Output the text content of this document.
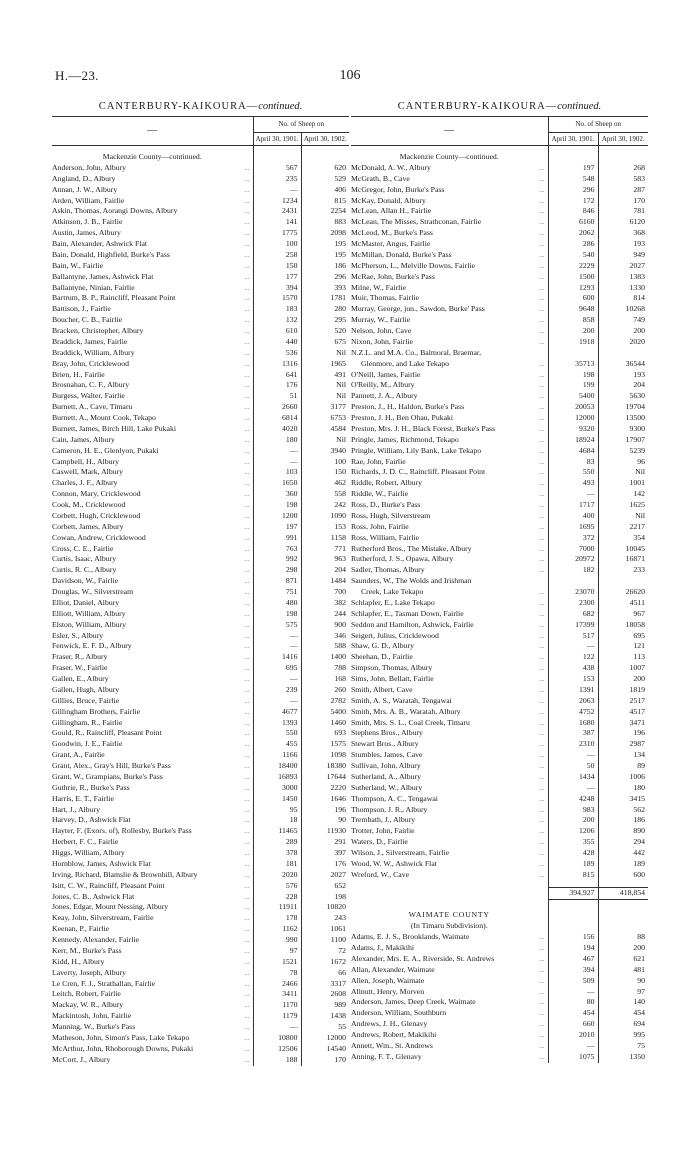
H.—23.	106
CANTERBURY-KAIKOURA—continued.
—		No. of Sheep on	
		April 30, 1901.	April 30, 1902.

Mackenzie County—continued.			
Anderson, John, Albury	...	567	620
Angland, D., Albury	...	235	529
Annan, J. W., Albury	...	—	406
Arden, William, Fairlie	...	1234	815
Askin, Thomas, Aorangi Downs, Albury	...	2431	2254
Atkinson, J. B., Fairlie	...	141	883
Austin, James, Albury	...	1775	2098
Bain, Alexander, Ashwick Flat	...	100	195
Bain, Donald, Highfield, Burke's Pass	...	258	195
Bain, W., Fairlie	...	150	186
Ballantyne, James, Ashwick Flat	...	177	296
Ballantyne, Ninian, Fairlie	...	394	393
Bartrum, B. P., Raincliff, Pleasant Point	...	1570	1781
Battison, J., Fairlie	...	183	280
Boucher, C. B., Fairlie	...	132	295
Bracken, Christopher, Albury	...	610	520
Braddick, James, Fairlie	...	440	675
Braddick, William, Albury	...	536	Nil
Bray, John, Cricklewood	...	1316	1965
Brien, H., Fairlie	...	641	491
Brosnahan, C. F., Albury	...	176	Nil
Burgess, Walter, Fairlie	...	51	Nil
Burnett, A., Cave, Timaru	...	2660	3177
Burnett, A., Mount Cook, Tekapo	...	6814	6753
Burnett, James, Birch Hill, Lake Pukaki	...	4020	4584
Cain, James, Albury	...	180	Nil
Cameron, H. E., Glenlyon, Pukaki	...	—	3940
Campbell, H., Albury	...	—	100
Caswell, Mark, Albury	...	103	150
Charles, J. F., Albury	...	1650	462
Connon, Mary, Cricklewood	...	360	558
Cook, M., Cricklewood	...	198	242
Corbett, Hugh, Cricklewood	...	1200	1090
Corbett, James, Albury	...	197	153
Cowan, Andrew, Cricklewood	...	991	1158
Cross, C. E., Fairlie	...	763	771
Curtis, Isaac, Albury	...	992	963
Curtis, R. C., Albury	...	298	204
Davidson, W., Fairlie	...	871	1484
Douglas, W., Silverstream	...	751	700
Elliot, Daniel, Albury	...	480	382
Elliott, William, Albury	...	198	244
Elston, William, Albury	...	575	900
Esler, S., Albury	...	—	346
Fenwick, E. F. D., Albury	...	—	588
Fraser, R., Albury	...	1416	1400
Fraser, W., Fairlie	...	695	788
Gallen, E., Albury	...	—	168
Gallen, Hugh, Albury	...	239	260
Gillies, Bruce, Fairlie	...	—	2782
Gillingham Brothers, Fairlie	...	4677	5400
Gillingham, R., Fairlie	...	1393	1460
Gould, R., Raincliff, Pleasant Point	...	550	693
Goodwin, J. E., Fairlie	...	455	1575
Grant, A., Fairlie	...	1166	1098
Grant, Alex., Gray's Hill, Burke's Pass	...	18400	18380
Grant, W., Grampians, Burke's Pass	...	16893	17644
Guthrie, R., Burke's Pass	...	3000	2220
Harris, E. T., Fairlie	...	1450	1646
Hart, J., Albury	...	95	196
Harvey, D., Ashwick Flat	...	18	90
Hayter, F. (Exors. of), Rollesby, Burke's Pass	...	11465	11930
Herbert, F. C., Fairlie	...	289	291
Higgs, William, Albury	...	378	397
Hornblow, James, Ashwick Flat	...	181	176
Irving, Richard, Blamslie & Brownhill, Albury	...	2020	2027
Isitt, C. W., Raincliff, Pleasant Point	...	576	652
Jones, C. B., Ashwick Flat	...	228	198
Jones, Edgar, Mount Nessing, Albury	...	11911	10820
Keay, John, Silverstream, Fairlie	...	178	243
Keenan, P., Fairlie	...	1162	1061
Kennedy, Alexander, Fairlie	...	990	1100
Kerr, M., Burke's Pass	...	97	72
Kidd, H., Albury	...	1521	1672
Laverty, Joseph, Albury	...	78	66
Le Cren, F. J., Strathallan, Fairlie	...	2466	3317
Leitch, Robert, Fairlie	...	3411	2608
Mackay, W. R., Albury	...	1170	989
Mackintosh, John, Fairlie	...	1179	1438
Manning, W., Burke's Pass	...	—	55
Matheson, John, Simon's Pass, Lake Tekapo	...	10800	12000
McArthur, John, Rhoborough Downs, Pukaki	...	12506	14540
McCort, J., Albury	...	188	170
CANTERBURY-KAIKOURA—continued.
—		No. of Sheep on	
		April 30, 1901.	April 30, 1902.

Mackenzie County—continued.			
McDonald, A. W., Albury	...	197	268
McGrath, B., Cave	...	548	583
McGregor, John, Burke's Pass	...	296	287
McKay, Donald, Albury	...	172	170
McLean, Allan H., Fairlie	...	846	781
McLean, The Misses, Strathconan, Fairlie	...	6160	6120
McLeod, M., Burke's Pass	...	2062	368
McMaster, Angus, Fairlie	...	286	193
McMillan, Donald, Burke's Pass	...	540	949
McPherson, L., Melville Downs, Fairlie	...	2229	2027
McRae, John, Burke's Pass	...	1500	1383
Milne, W., Fairlie	...	1293	1330
Muir, Thomas, Fairlie	...	600	814
Murray, George, jun., Sawdon, Burke' Pass	...	9648	10268
Murray, W., Fairlie	...	858	749
Nelson, John, Cave	...	200	200
Nixon, John, Fairlie	...	1918	2020
N.Z.L. and M.A. Co., Balmoral, Braemar,			
Glenmore, and Lake Tekapo	...	35713	36544
O'Neill, James, Fairlie	...	198	193
O'Reilly, M., Albury	...	199	204
Pannett, J. A., Albury	...	5400	5630
Preston, J., H., Haldon, Burke's Pass	...	20053	19704
Preston, J. H., Ben Ohau, Pukaki	...	12000	13500
Preston, Mrs. J. H., Black Forest, Burke's Pass	...	9320	9300
Pringle, James, Richmond, Tekapo	...	18924	17907
Pringle, William, Lily Bank, Lake Tekapo	...	4684	5239
Rae, John, Fairlie	...	83	96
Richards, J. D. C., Raincliff, Pleasant Point	...	550	Nil
Riddle, Robert, Albury	...	493	1001
Riddle, W., Fairlie	...	—	142
Ross, D., Burke's Pass	...	1717	1625
Ross, Hugh, Silverstream	...	400	Nil
Ross, John, Fairlie	...	1695	2217
Ross, William, Fairlie	...	372	354
Rutherford Bros., The Mistake, Albury	...	7000	10045
Rutherford, J. S., Opawa, Albury	...	20972	16871
Sadler, Thomas, Albury	...	182	233
Saunders, W., The Wolds and Irishman			
Creek, Lake Tekapo	...	23070	26620
Schlapfer, E., Lake Tekapo	...	2300	4511
Schlapfer, E., Tasman Down, Fairlie	...	682	967
Seddon and Hamilton, Ashwick, Fairlie	...	17399	18058
Seigert, Julius, Cricklewood	...	517	695
Shaw, G. D., Albury	...	—	121
Sheehan, D., Fairlie	...	122	113
Simpson, Thomas, Albury	...	438	1007
Sims, John, Bellatt, Fairlie	...	153	200
Smith, Albert, Cave	...	1391	1819
Smith, A. S., Waratah, Tengawai	...	2063	2517
Smith, Mrs. A. B., Waratah, Albury	...	4752	4517
Smith, Mrs. S. L., Coal Creek, Timaru	...	1680	3471
Stephens Bros., Albury	...	387	196
Stewart Bros., Albury	...	2310	2987
Stumbles, James, Cave	...	—	134
Sullivan, John, Albury	...	50	89
Sutherland, A., Albury	...	1434	1006
Sutherland, W., Albury	...	—	180
Thompson, A. C., Tengawai	...	4248	3415
Thompson, J. R., Albury	...	983	562
Trembath, J., Albury	...	200	186
Trotter, John, Fairlie	...	1206	890
Waters, D., Fairlie	...	355	294
Wilson, J., Silverstream, Fairlie	...	428	442
Wood, W. W., Ashwick Flat	...	189	189
Wreford, W., Cave	...	815	600

		394,927	418,854

WAIMATE COUNTY			
(In Timaru Subdivision).			
Adams, E. J. S., Brooklands, Waimate	...	156	88
Adams, J., Makikihi	...	194	200
Alexander, Mrs. E. A., Riverside, St. Andrews	...	467	621
Allan, Alexander, Waimate	...	394	481
Allen, Joseph, Waimate	...	509	90
Allnutt, Henry, Morven	...	—	97
Anderson, James, Deep Creek, Waimate	...	80	140
Anderson, William, Southburn	...	454	454
Andrews, J. H., Glenavy	...	660	694
Andrews, Robert, Makikihi	...	2010	995
Annett, Wm., St. Andrews	...	—	75
Anning, F. T., Glenavy	...	1075	1350
